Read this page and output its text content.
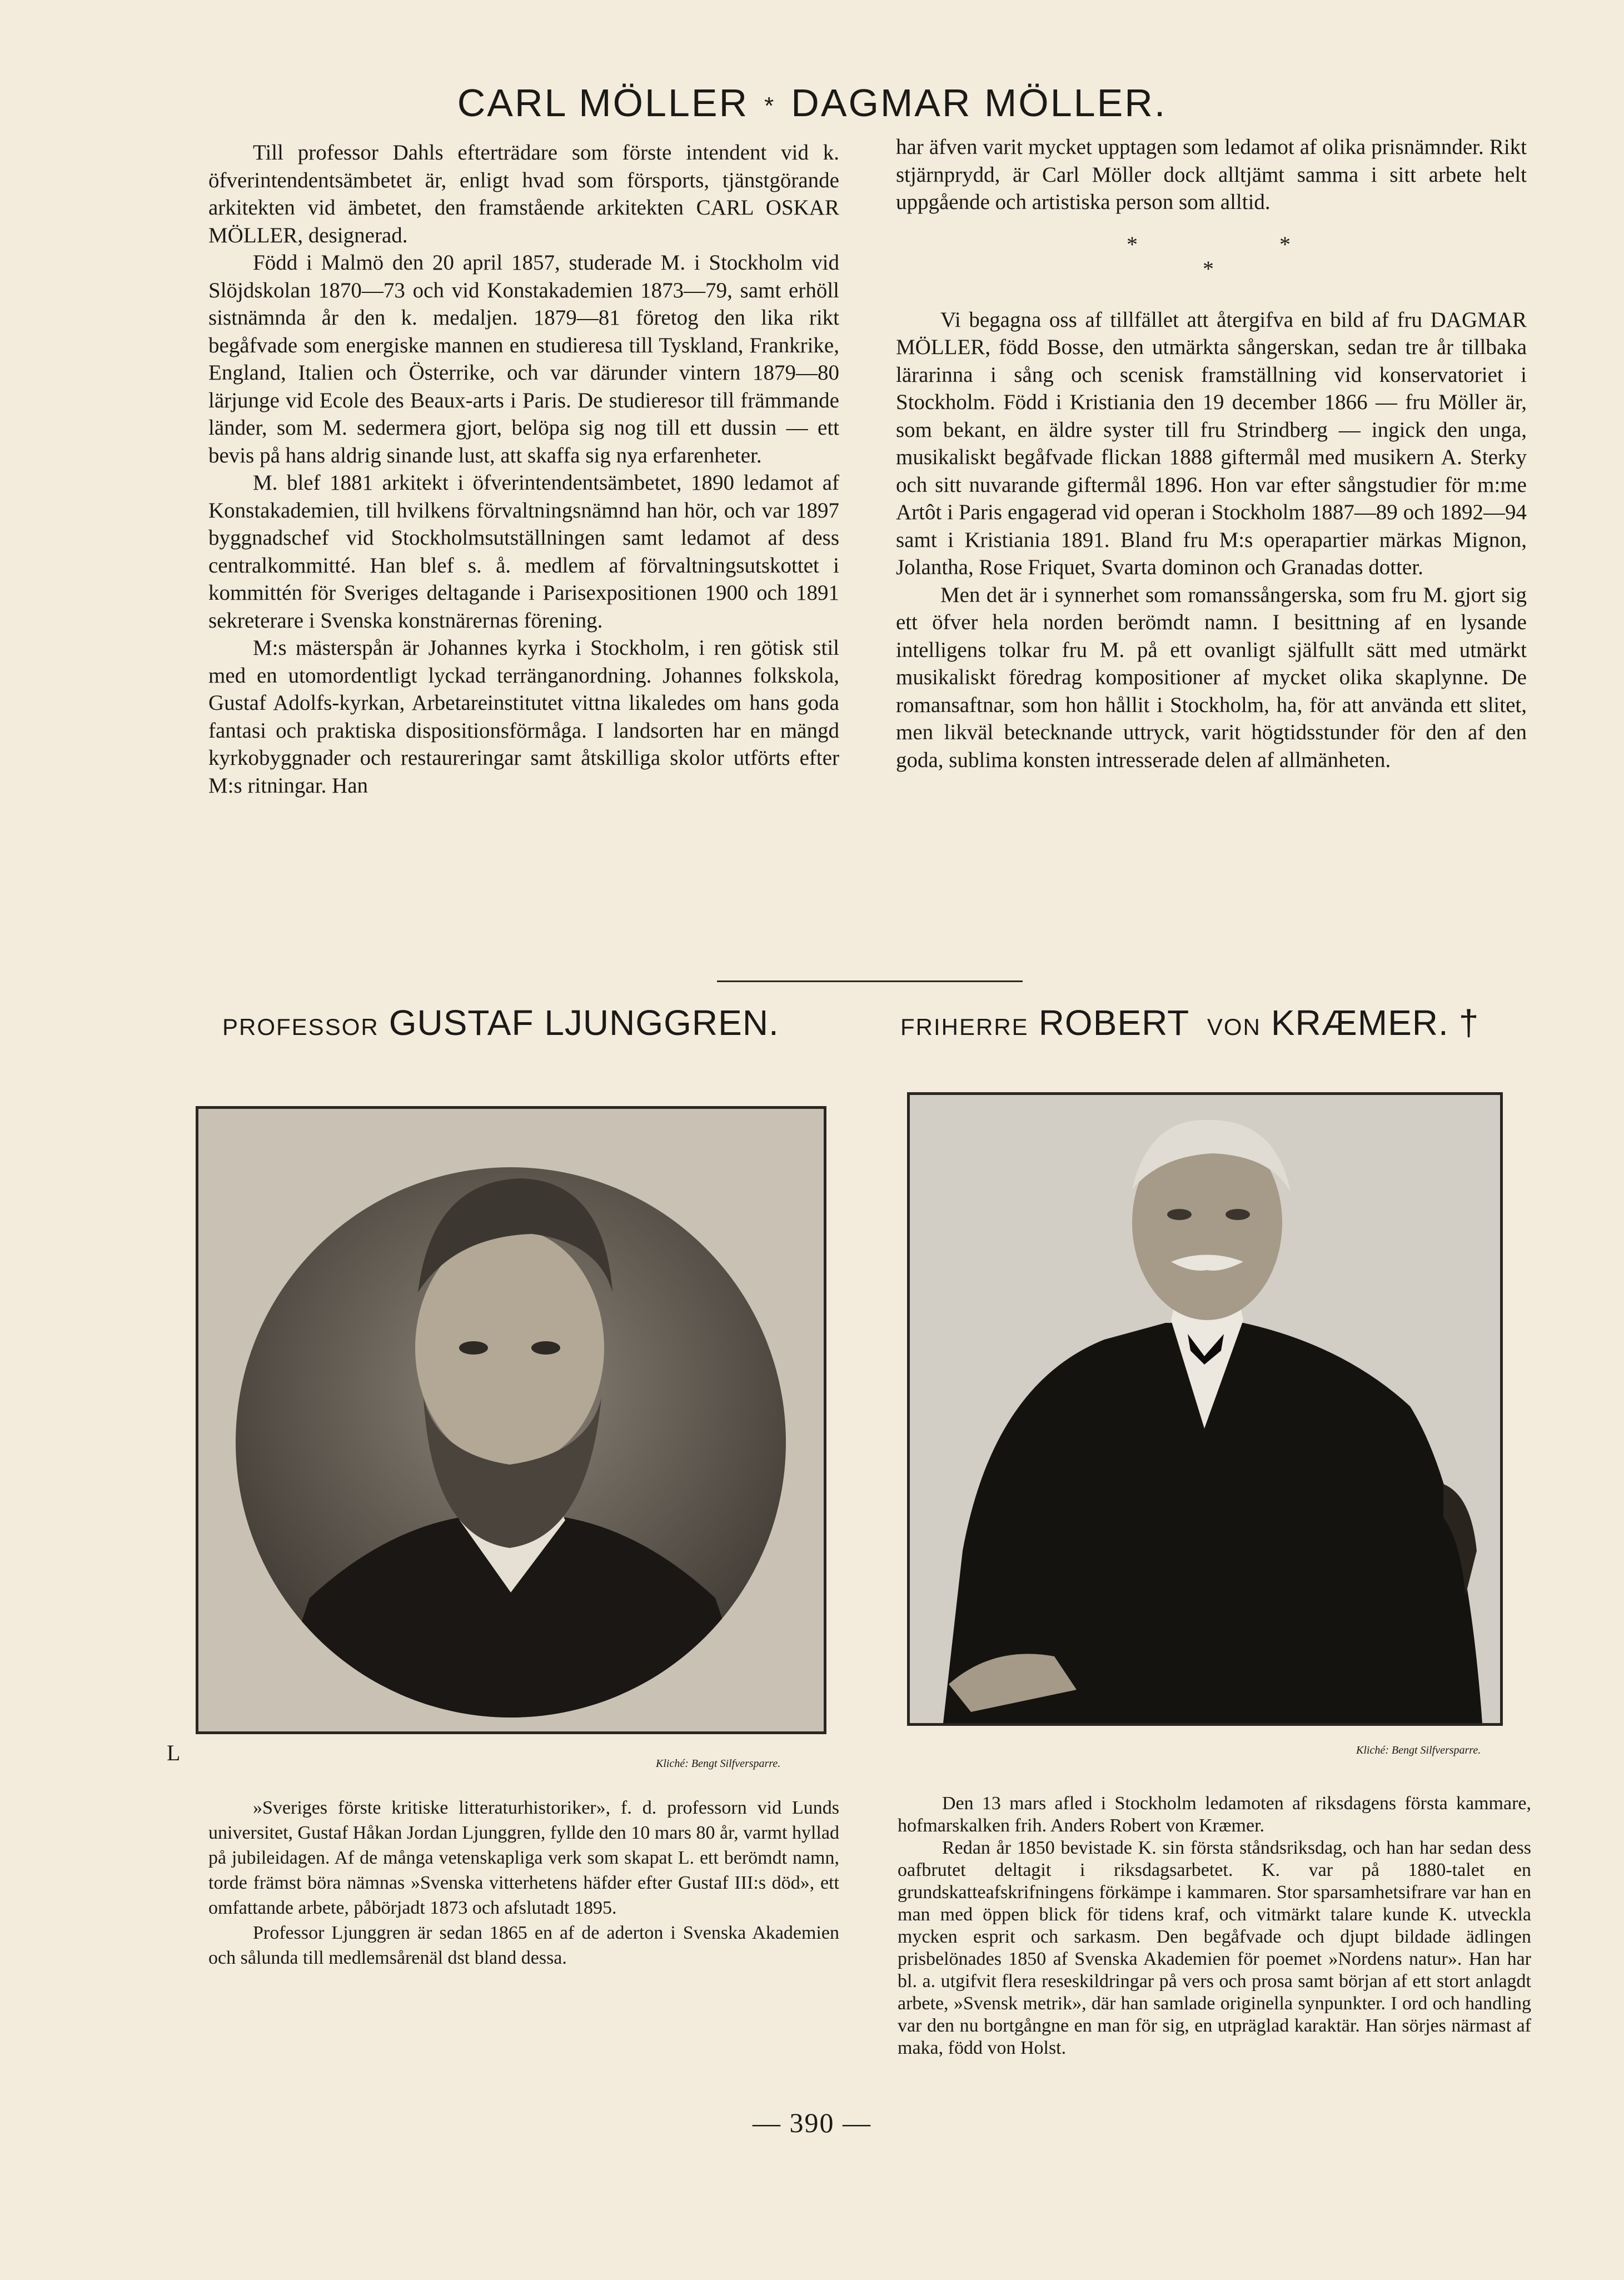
CARL MÖLLER * DAGMAR MÖLLER.

Till professor Dahls efterträdare som förste intendent vid k. öfverintendentsämbetet är, enligt hvad som försports, tjänstgörande arkitekten vid ämbetet, den framstående arkitekten CARL OSKAR MÖLLER, designerad.

Född i Malmö den 20 april 1857, studerade M. i Stockholm vid Slöjdskolan 1870—73 och vid Konstakademien 1873—79, samt erhöll sistnämnda år den k. medaljen. 1879—81 företog den lika rikt begåfvade som energiske mannen en studieresa till Tyskland, Frankrike, England, Italien och Österrike, och var därunder vintern 1879—80 lärjunge vid Ecole des Beaux-arts i Paris. De studieresor till främmande länder, som M. sedermera gjort, belöpa sig nog till ett dussin — ett bevis på hans aldrig sinande lust, att skaffa sig nya erfarenheter.

M. blef 1881 arkitekt i öfverintendentsämbetet, 1890 ledamot af Konstakademien, till hvilkens förvaltningsnämnd han hör, och var 1897 byggnadschef vid Stockholmsutställningen samt ledamot af dess centralkommitté. Han blef s. å. medlem af förvaltningsutskottet i kommittén för Sveriges deltagande i Parisexpositionen 1900 och 1891 sekreterare i Svenska konstnärernas förening.

M:s mästerspån är Johannes kyrka i Stockholm, i ren götisk stil med en utomordentligt lyckad terränganordning. Johannes folkskola, Gustaf Adolfs-kyrkan, Arbetareinstitutet vittna likaledes om hans goda fantasi och praktiska dispositionsförmåga. I landsorten har en mängd kyrkobyggnader och restaureringar samt åtskilliga skolor utförts efter M:s ritningar. Han

har äfven varit mycket upptagen som ledamot af olika prisnämnder. Rikt stjärnprydd, är Carl Möller dock alltjämt samma i sitt arbete helt uppgående och artistiska person som alltid.

*	*
*

Vi begagna oss af tillfället att återgifva en bild af fru DAGMAR MÖLLER, född Bosse, den utmärkta sångerskan, sedan tre år tillbaka lärarinna i sång och scenisk framställning vid konservatoriet i Stockholm. Född i Kristiania den 19 december 1866 — fru Möller är, som bekant, en äldre syster till fru Strindberg — ingick den unga, musikaliskt begåfvade flickan 1888 giftermål med musikern A. Sterky och sitt nuvarande giftermål 1896. Hon var efter sångstudier för m:me Artôt i Paris engagerad vid operan i Stockholm 1887—89 och 1892—94 samt i Kristiania 1891. Bland fru M:s operapartier märkas Mignon, Jolantha, Rose Friquet, Svarta dominon och Granadas dotter.

Men det är i synnerhet som romanssångerska, som fru M. gjort sig ett öfver hela norden berömdt namn. I besittning af en lysande intelligens tolkar fru M. på ett ovanligt själfullt sätt med utmärkt musikaliskt föredrag kompositioner af mycket olika skaplynne. De romansaftnar, som hon hållit i Stockholm, ha, för att använda ett slitet, men likväl betecknande uttryck, varit högtidsstunder för den af den goda, sublima konsten intresserade delen af allmänheten.

PROFESSOR GUSTAF LJUNGGREN.	FRIHERRE ROBERT VON KRÆMER. †
L	Kliché: Bengt Silfversparre.
Kliché: Bengt Silfversparre.

»Sveriges förste kritiske litteraturhistoriker», f. d. professorn vid Lunds universitet, Gustaf Håkan Jordan Ljunggren, fyllde den 10 mars 80 år, varmt hyllad på jubileidagen. Af de många vetenskapliga verk som skapat L. ett berömdt namn, torde främst böra nämnas »Svenska vitterhetens häfder efter Gustaf III:s död», ett omfattande arbete, påbörjadt 1873 och afslutadt 1895.

Professor Ljunggren är sedan 1865 en af de aderton i Svenska Akademien och sålunda till medlemsårenäl dst bland dessa.

Den 13 mars afled i Stockholm ledamoten af riksdagens första kammare, hofmarskalken frih. Anders Robert von Kræmer.

Redan år 1850 bevistade K. sin första ståndsriksdag, och han har sedan dess oafbrutet deltagit i riksdagsarbetet. K. var på 1880-talet en grundskatteafskrifningens förkämpe i kammaren. Stor sparsamhetsifrare var han en man med öppen blick för tidens kraf, och vitmärkt talare kunde K. utveckla mycken esprit och sarkasm. Den begåfvade och djupt bildade ädlingen prisbelönades 1850 af Svenska Akademien för poemet »Nordens natur». Han har bl. a. utgifvit flera reseskildringar på vers och prosa samt början af ett stort anlagdt arbete, »Svensk metrik», där han samlade originella synpunkter. I ord och handling var den nu bortgångne en man för sig, en utpräglad karaktär. Han sörjes närmast af maka, född von Holst.

— 390 —
